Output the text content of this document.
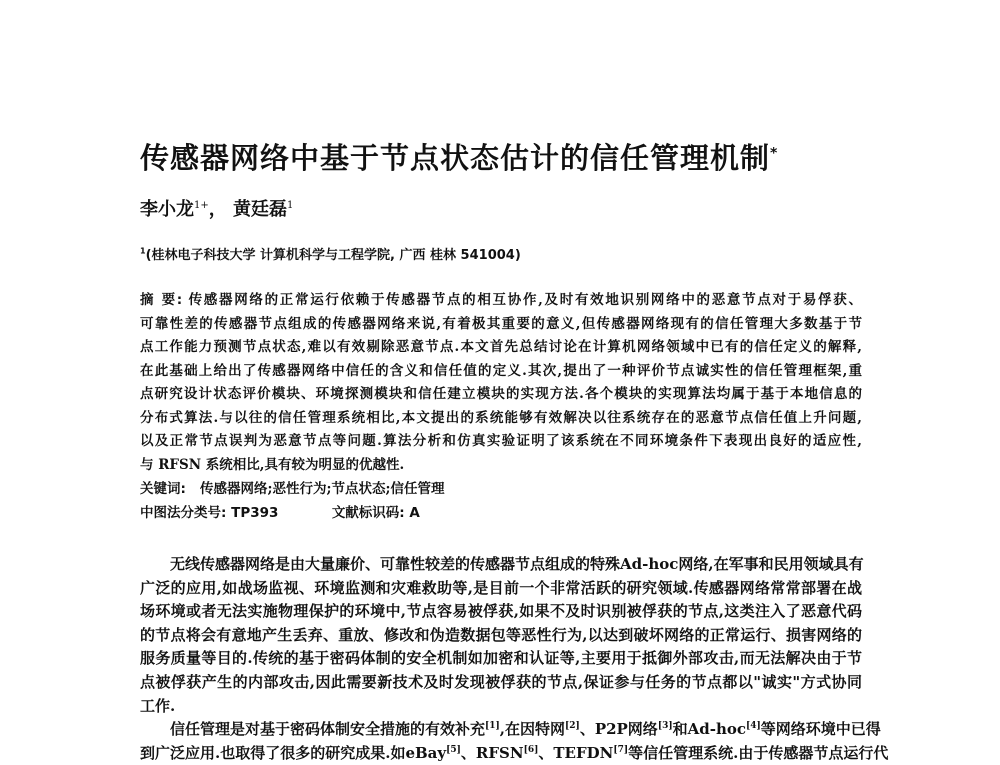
传感器网络中基于节点状态估计的信任管理机制*
李小龙$^{1+}$， 黄廷磊$^1$
$^1$(桂林电子科技大学 计算机科学与工程学院, 广西 桂林 541004)
摘 要: 传感器网络的正常运行依赖于传感器节点的相互协作,及时有效地识别网络中的恶意节点对于易俘获、
可靠性差的传感器节点组成的传感器网络来说,有着极其重要的意义,但传感器网络现有的信任管理大多数基于节
点工作能力预测节点状态,难以有效剔除恶意节点.本文首先总结讨论在计算机网络领域中已有的信任定义的解释,
在此基础上给出了传感器网络中信任的含义和信任值的定义.其次,提出了一种评价节点诚实性的信任管理框架,重
点研究设计状态评价模块、环境探测模块和信任建立模块的实现方法.各个模块的实现算法均属于基于本地信息的
分布式算法.与以往的信任管理系统相比,本文提出的系统能够有效解决以往系统存在的恶意节点信任值上升问题,
以及正常节点误判为恶意节点等问题.算法分析和仿真实验证明了该系统在不同环境条件下表现出良好的适应性,
与 RFSN 系统相比,具有较为明显的优越性.
关键词: 传感器网络;恶性行为;节点状态;信任管理
中图法分类号: TP393	文献标识码: A
　　无线传感器网络是由大量廉价、可靠性较差的传感器节点组成的特殊Ad-hoc网络,在军事和民用领域具有
广泛的应用,如战场监视、环境监测和灾难救助等,是目前一个非常活跃的研究领域.传感器网络常常部署在战
场环境或者无法实施物理保护的环境中,节点容易被俘获,如果不及时识别被俘获的节点,这类注入了恶意代码
的节点将会有意地产生丢弃、重放、修改和伪造数据包等恶性行为,以达到破坏网络的正常运行、损害网络的
服务质量等目的.传统的基于密码体制的安全机制如加密和认证等,主要用于抵御外部攻击,而无法解决由于节
点被俘获产生的内部攻击,因此需要新技术及时发现被俘获的节点,保证参与任务的节点都以"诚实"方式协同
工作.
　　信任管理是对基于密码体制安全措施的有效补充[1],在因特网[2]、P2P网络[3]和Ad-hoc[4]等网络环境中已得
到广泛应用.也取得了很多的研究成果.如eBay[5]、RFSN[6]、TEFDN[7]等信任管理系统.由于传感器节点运行代
